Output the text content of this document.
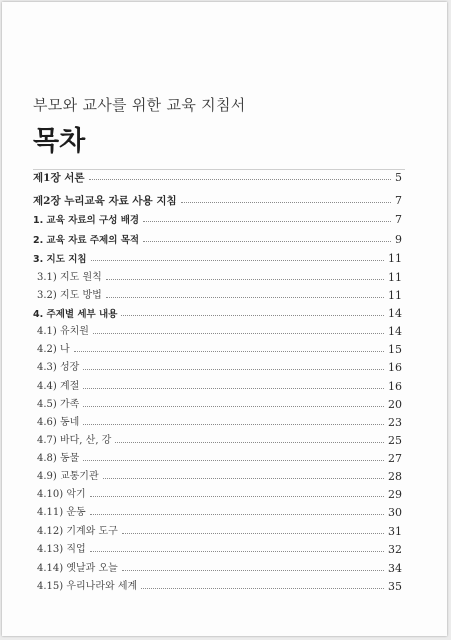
부모와 교사를 위한 교육 지침서
목차
제1장 서론	5
제2장 누리교육 자료 사용 지침	7
1. 교육 자료의 구성 배경	7
2. 교육 자료 주제의 목적	9
3. 지도 지침	11
3.1) 지도 원칙	11
3.2) 지도 방법	11
4. 주제별 세부 내용	14
4.1) 유치원	14
4.2) 나	15
4.3) 성장	16
4.4) 계절	16
4.5) 가족	20
4.6) 동네	23
4.7) 바다, 산, 강	25
4.8) 동물	27
4.9) 교통기관	28
4.10) 악기	29
4.11) 운동	30
4.12) 기계와 도구	31
4.13) 직업	32
4.14) 옛날과 오늘	34
4.15) 우리나라와 세계	35
